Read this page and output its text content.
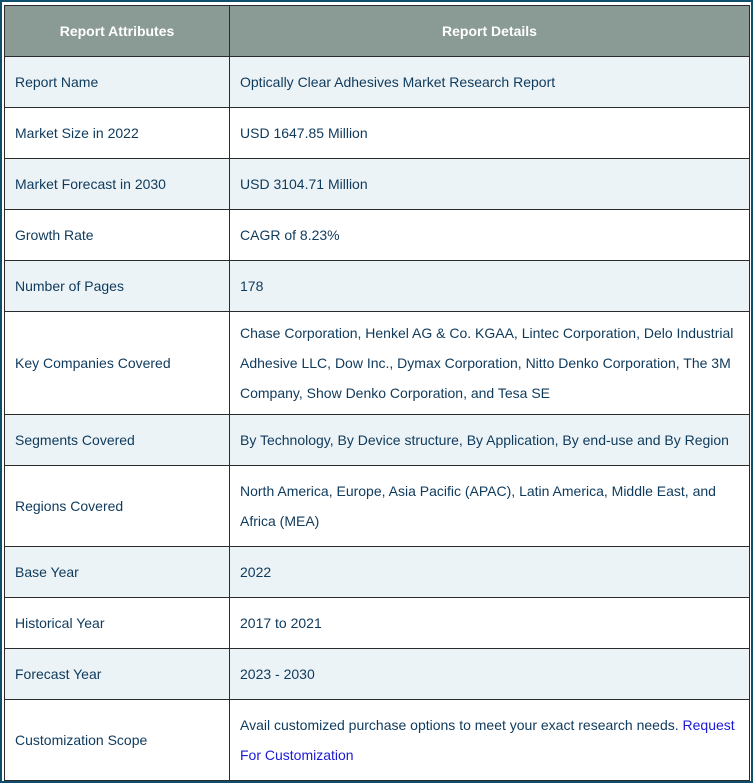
Report Attributes	Report Details
Report Name	Optically Clear Adhesives Market Research Report
Market Size in 2022	USD 1647.85 Million
Market Forecast in 2030	USD 3104.71 Million
Growth Rate	CAGR of 8.23%
Number of Pages	178
Key Companies Covered	Chase Corporation, Henkel AG & Co. KGAA, Lintec Corporation, Delo Industrial Adhesive LLC, Dow Inc., Dymax Corporation, Nitto Denko Corporation, The 3M Company, Show Denko Corporation, and Tesa SE
Segments Covered	By Technology, By Device structure, By Application, By end-use and By Region
Regions Covered	North America, Europe, Asia Pacific (APAC), Latin America, Middle East, and Africa (MEA)
Base Year	2022
Historical Year	2017 to 2021
Forecast Year	2023 - 2030
Customization Scope	Avail customized purchase options to meet your exact research needs. Request For Customization
